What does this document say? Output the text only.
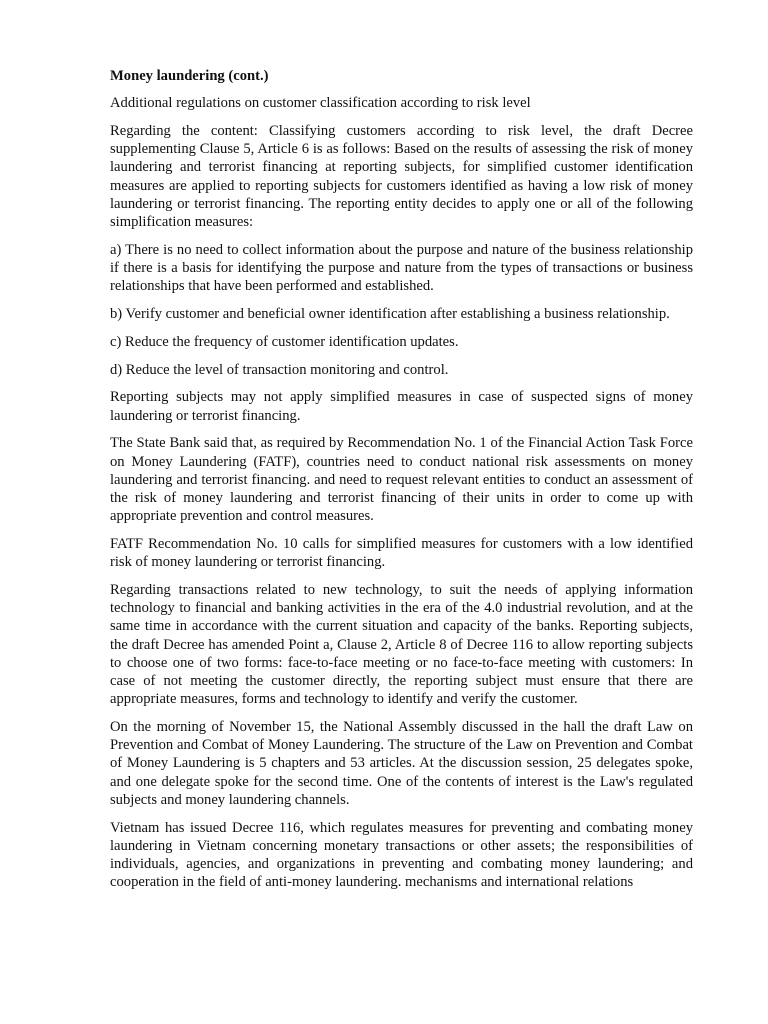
Money laundering (cont.)

Additional regulations on customer classification according to risk level

Regarding the content: Classifying customers according to risk level, the draft Decree supplementing Clause 5, Article 6 is as follows: Based on the results of assessing the risk of money laundering and terrorist financing at reporting subjects, for simplified customer identification measures are applied to reporting subjects for customers identified as having a low risk of money laundering or terrorist financing. The reporting entity decides to apply one or all of the following simplification measures:

a) There is no need to collect information about the purpose and nature of the business relationship if there is a basis for identifying the purpose and nature from the types of transactions or business relationships that have been performed and established.

b) Verify customer and beneficial owner identification after establishing a business relationship.

c) Reduce the frequency of customer identification updates.

d) Reduce the level of transaction monitoring and control.

Reporting subjects may not apply simplified measures in case of suspected signs of money laundering or terrorist financing.

The State Bank said that, as required by Recommendation No. 1 of the Financial Action Task Force on Money Laundering (FATF), countries need to conduct national risk assessments on money laundering and terrorist financing. and need to request relevant entities to conduct an assessment of the risk of money laundering and terrorist financing of their units in order to come up with appropriate prevention and control measures.

FATF Recommendation No. 10 calls for simplified measures for customers with a low identified risk of money laundering or terrorist financing.

Regarding transactions related to new technology, to suit the needs of applying information technology to financial and banking activities in the era of the 4.0 industrial revolution, and at the same time in accordance with the current situation and capacity of the banks. Reporting subjects, the draft Decree has amended Point a, Clause 2, Article 8 of Decree 116 to allow reporting subjects to choose one of two forms: face-to-face meeting or no face-to-face meeting with customers: In case of not meeting the customer directly, the reporting subject must ensure that there are appropriate measures, forms and technology to identify and verify the customer.

On the morning of November 15, the National Assembly discussed in the hall the draft Law on Prevention and Combat of Money Laundering. The structure of the Law on Prevention and Combat of Money Laundering is 5 chapters and 53 articles. At the discussion session, 25 delegates spoke, and one delegate spoke for the second time. One of the contents of interest is the Law's regulated subjects and money laundering channels.

Vietnam has issued Decree 116, which regulates measures for preventing and combating money laundering in Vietnam concerning monetary transactions or other assets; the responsibilities of individuals, agencies, and organizations in preventing and combating money laundering; and cooperation in the field of anti-money laundering. mechanisms and international relations
